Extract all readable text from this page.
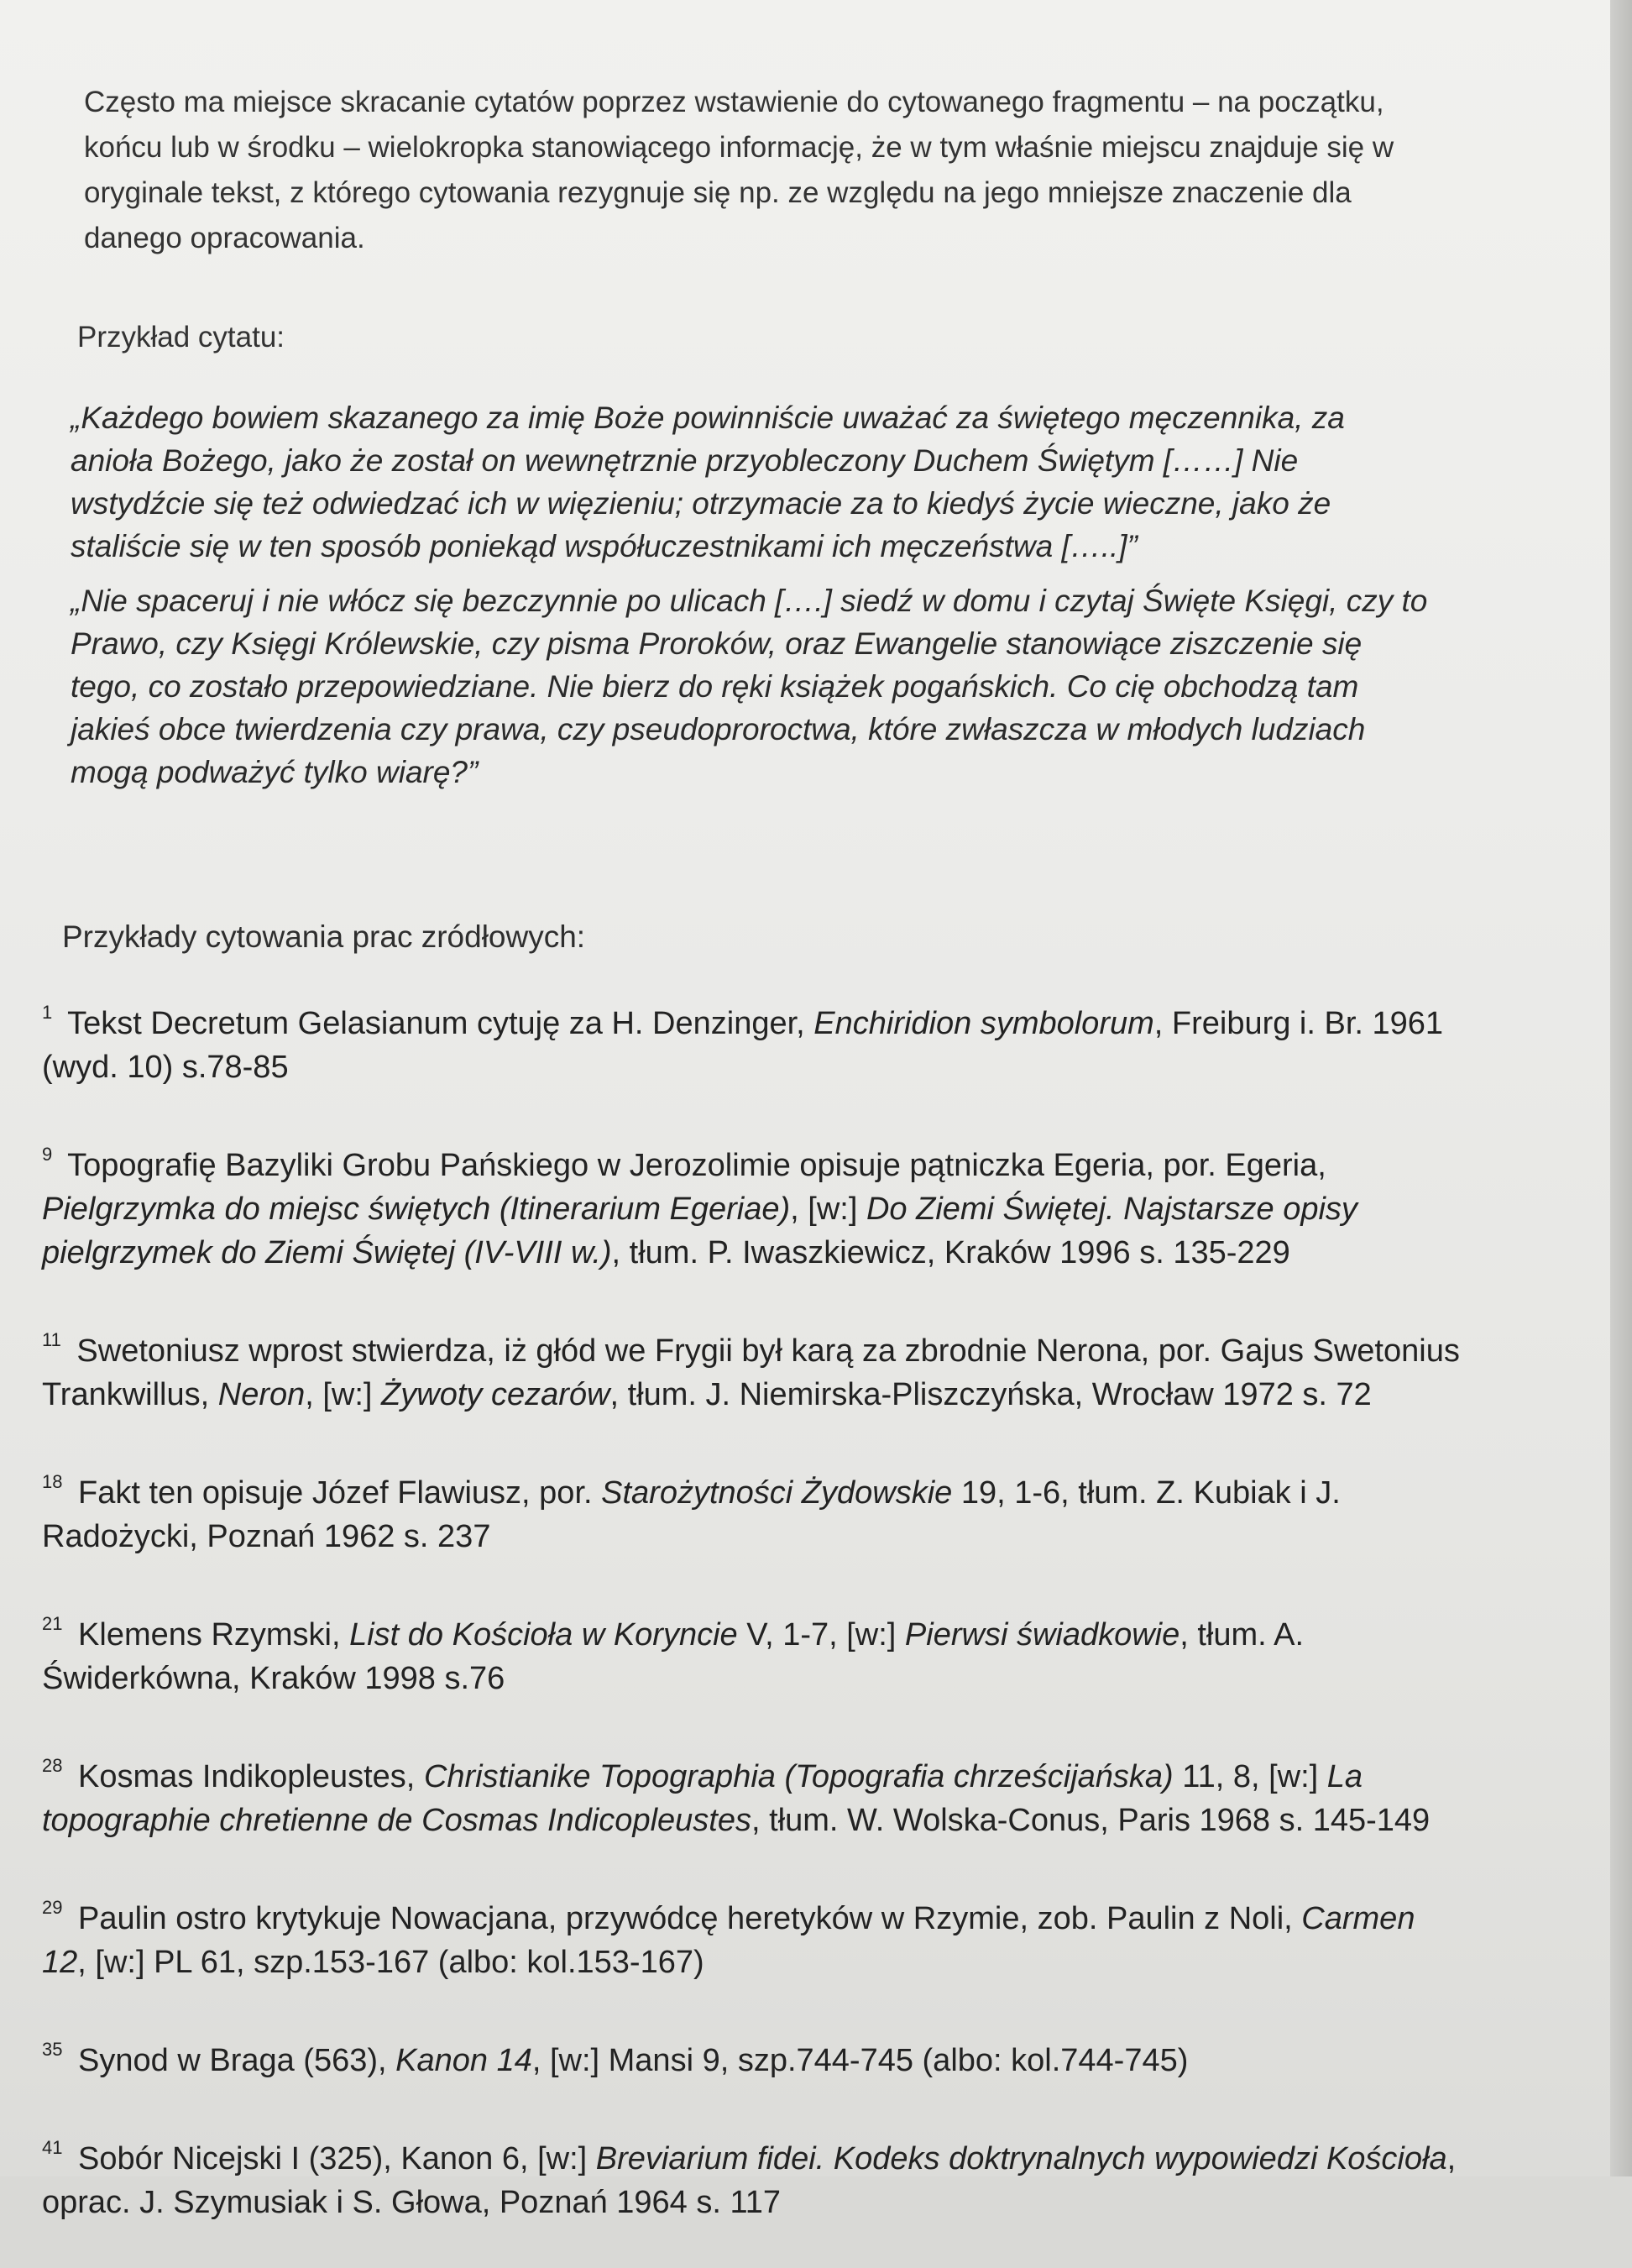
Często ma miejsce skracanie cytatów poprzez wstawienie do cytowanego fragmentu – na początku, końcu lub w środku – wielokropka stanowiącego informację, że w tym właśnie miejscu znajduje się w oryginale tekst, z którego cytowania rezygnuje się np. ze względu na jego mniejsze znaczenie dla danego opracowania.
Przykład cytatu:
„Każdego bowiem skazanego za imię Boże powinniście uważać za świętego męczennika, za anioła Bożego, jako że został on wewnętrznie przyobleczony Duchem Świętym [……] Nie wstydźcie się też odwiedzać ich w więzieniu; otrzymacie za to kiedyś życie wieczne, jako że staliście się w ten sposób poniekąd współuczestnikami ich męczeństwa […..]”
„Nie spaceruj i nie włócz się bezczynnie po ulicach [….] siedź w domu i czytaj Święte Księgi, czy to Prawo, czy Księgi Królewskie, czy pisma Proroków, oraz Ewangelie stanowiące ziszczenie się tego, co zostało przepowiedziane. Nie bierz do ręki książek pogańskich. Co cię obchodzą tam jakieś obce twierdzenia czy prawa, czy pseudoproroctwa, które zwłaszcza w młodych ludziach mogą podważyć tylko wiarę?”
Przykłady cytowania prac zródłowych:
$^1$ Tekst Decretum Gelasianum cytuję za H. Denzinger, Enchiridion symbolorum, Freiburg i. Br. 1961 (wyd. 10) s.78-85
$^9$ Topografię Bazyliki Grobu Pańskiego w Jerozolimie opisuje pątniczka Egeria, por. Egeria, Pielgrzymka do miejsc świętych (Itinerarium Egeriae), [w:] Do Ziemi Świętej. Najstarsze opisy pielgrzymek do Ziemi Świętej (IV-VIII w.), tłum. P. Iwaszkiewicz, Kraków 1996 s. 135-229
$^{11}$ Swetoniusz wprost stwierdza, iż głód we Frygii był karą za zbrodnie Nerona, por. Gajus Swetonius Trankwillus, Neron, [w:] Żywoty cezarów, tłum. J. Niemirska-Pliszczyńska, Wrocław 1972 s. 72
$^{18}$ Fakt ten opisuje Józef Flawiusz, por. Starożytności Żydowskie 19, 1-6, tłum. Z. Kubiak i J. Radożycki, Poznań 1962 s. 237
$^{21}$ Klemens Rzymski, List do Kościoła w Koryncie V, 1-7, [w:] Pierwsi świadkowie, tłum. A. Świderkówna, Kraków 1998 s.76
$^{28}$ Kosmas Indikopleustes, Christianike Topographia (Topografia chrześcijańska) 11, 8, [w:] La topographie chretienne de Cosmas Indicopleustes, tłum. W. Wolska-Conus, Paris 1968 s. 145-149
$^{29}$ Paulin ostro krytykuje Nowacjana, przywódcę heretyków w Rzymie, zob. Paulin z Noli, Carmen 12, [w:] PL 61, szp.153-167 (albo: kol.153-167)
$^{35}$ Synod w Braga (563), Kanon 14, [w:] Mansi 9, szp.744-745 (albo: kol.744-745)
$^{41}$ Sobór Nicejski I (325), Kanon 6, [w:] Breviarium fidei. Kodeks doktrynalnych wypowiedzi Kościoła, oprac. J. Szymusiak i S. Głowa, Poznań 1964 s. 117
